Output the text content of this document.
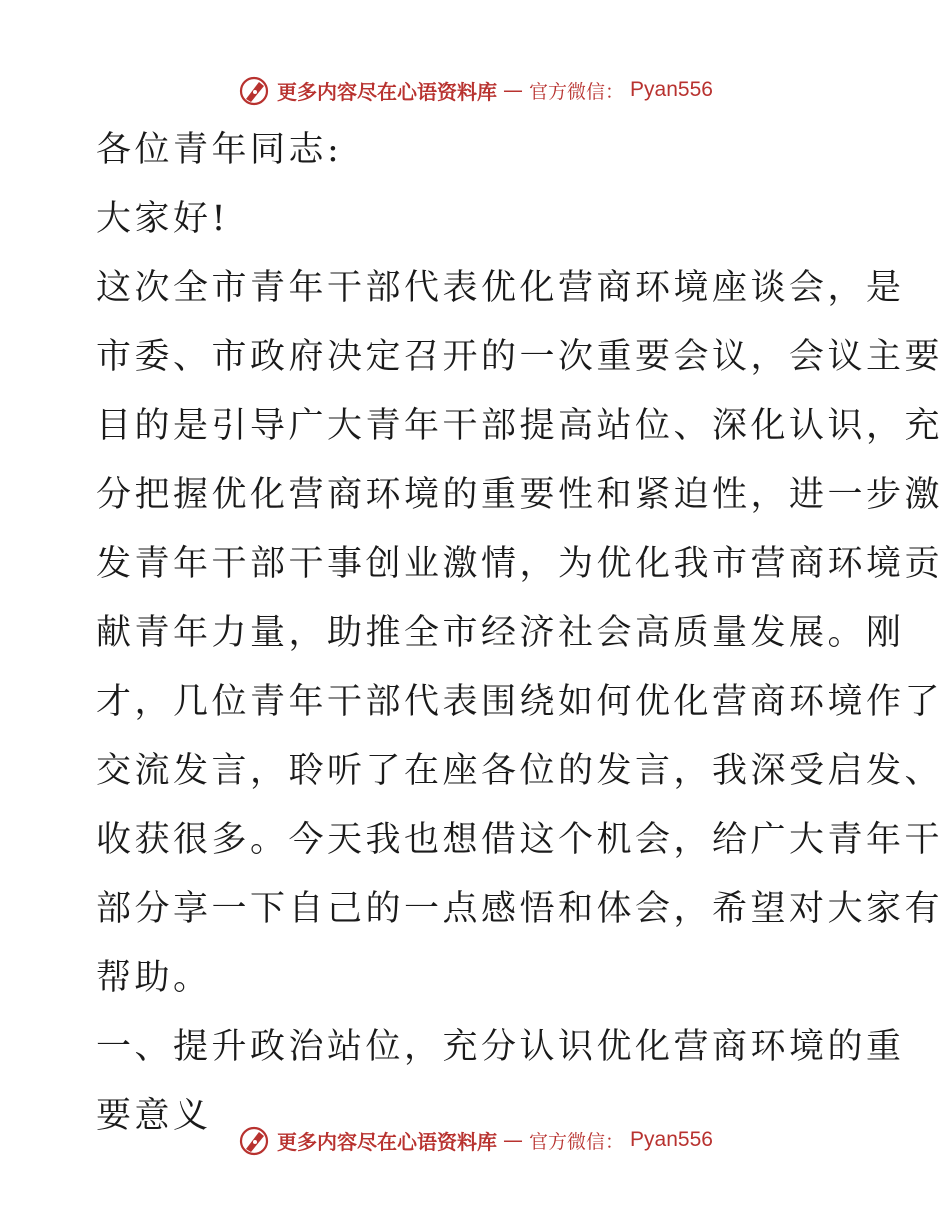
更多内容尽在心语资料库 — 官方微信： Pyan556
各位青年同志:
大家好!
这次全市青年干部代表优化营商环境座谈会，是
市委、市政府决定召开的一次重要会议，会议主要
目的是引导广大青年干部提高站位、深化认识，充
分把握优化营商环境的重要性和紧迫性，进一步激
发青年干部干事创业激情，为优化我市营商环境贡
献青年力量，助推全市经济社会高质量发展。刚
才，几位青年干部代表围绕如何优化营商环境作了
交流发言，聆听了在座各位的发言，我深受启发、
收获很多。今天我也想借这个机会，给广大青年干
部分享一下自己的一点感悟和体会，希望对大家有
帮助。
一、提升政治站位，充分认识优化营商环境的重
要意义
更多内容尽在心语资料库 — 官方微信： Pyan556
